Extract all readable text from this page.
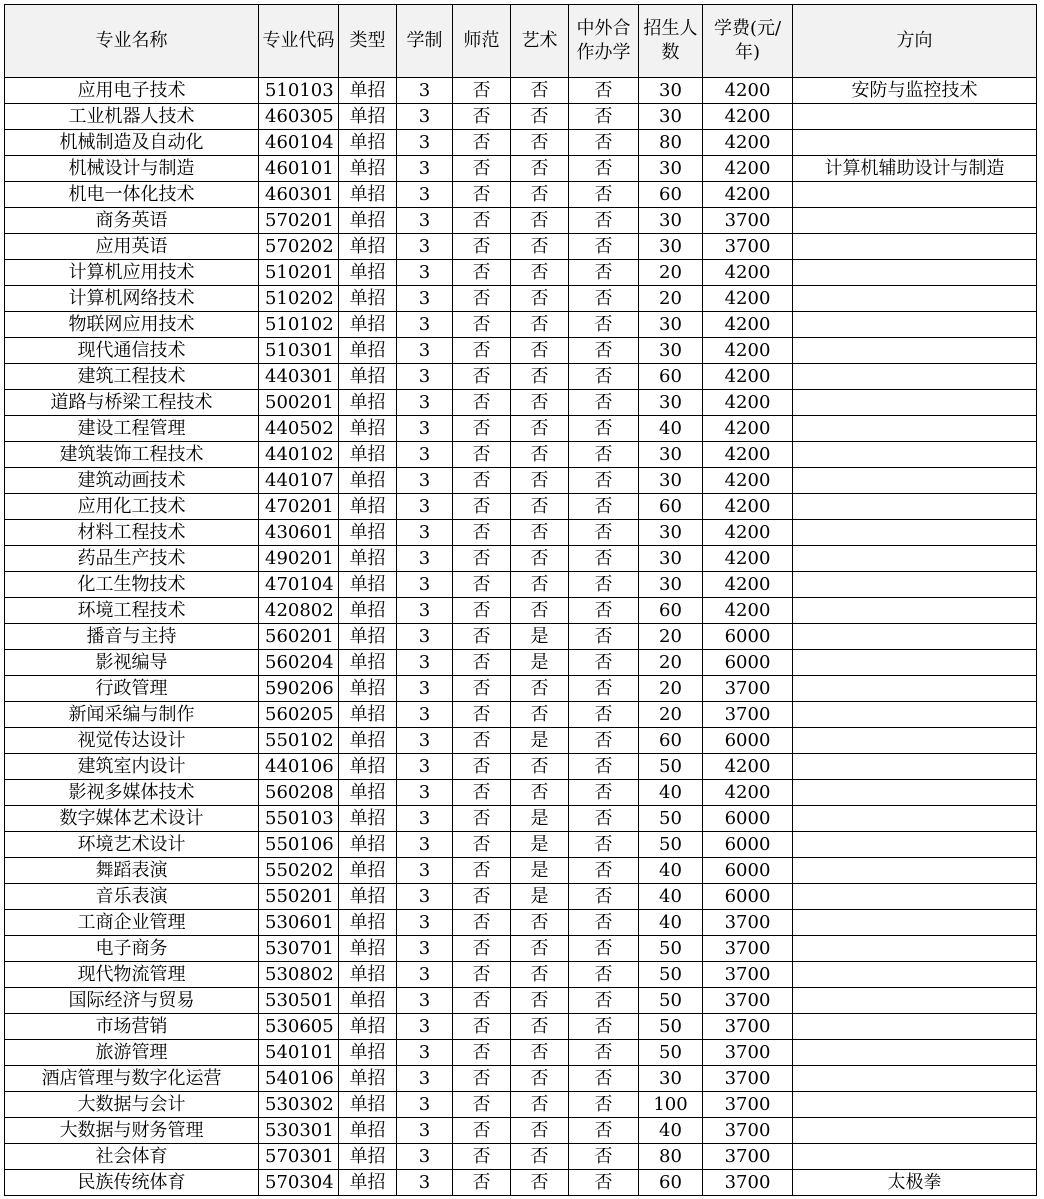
专业名称	专业代码	类型	学制	师范	艺术	中外合作办学	招生人数	学费(元/年)	方向
应用电子技术	510103	单招	3	否	否	否	30	4200	安防与监控技术
工业机器人技术	460305	单招	3	否	否	否	30	4200	
机械制造及自动化	460104	单招	3	否	否	否	80	4200	
机械设计与制造	460101	单招	3	否	否	否	30	4200	计算机辅助设计与制造
机电一体化技术	460301	单招	3	否	否	否	60	4200	
商务英语	570201	单招	3	否	否	否	30	3700	
应用英语	570202	单招	3	否	否	否	30	3700	
计算机应用技术	510201	单招	3	否	否	否	20	4200	
计算机网络技术	510202	单招	3	否	否	否	20	4200	
物联网应用技术	510102	单招	3	否	否	否	30	4200	
现代通信技术	510301	单招	3	否	否	否	30	4200	
建筑工程技术	440301	单招	3	否	否	否	60	4200	
道路与桥梁工程技术	500201	单招	3	否	否	否	30	4200	
建设工程管理	440502	单招	3	否	否	否	40	4200	
建筑装饰工程技术	440102	单招	3	否	否	否	30	4200	
建筑动画技术	440107	单招	3	否	否	否	30	4200	
应用化工技术	470201	单招	3	否	否	否	60	4200	
材料工程技术	430601	单招	3	否	否	否	30	4200	
药品生产技术	490201	单招	3	否	否	否	30	4200	
化工生物技术	470104	单招	3	否	否	否	30	4200	
环境工程技术	420802	单招	3	否	否	否	60	4200	
播音与主持	560201	单招	3	否	是	否	20	6000	
影视编导	560204	单招	3	否	是	否	20	6000	
行政管理	590206	单招	3	否	否	否	20	3700	
新闻采编与制作	560205	单招	3	否	否	否	20	3700	
视觉传达设计	550102	单招	3	否	是	否	60	6000	
建筑室内设计	440106	单招	3	否	否	否	50	4200	
影视多媒体技术	560208	单招	3	否	否	否	40	4200	
数字媒体艺术设计	550103	单招	3	否	是	否	50	6000	
环境艺术设计	550106	单招	3	否	是	否	50	6000	
舞蹈表演	550202	单招	3	否	是	否	40	6000	
音乐表演	550201	单招	3	否	是	否	40	6000	
工商企业管理	530601	单招	3	否	否	否	40	3700	
电子商务	530701	单招	3	否	否	否	50	3700	
现代物流管理	530802	单招	3	否	否	否	50	3700	
国际经济与贸易	530501	单招	3	否	否	否	50	3700	
市场营销	530605	单招	3	否	否	否	50	3700	
旅游管理	540101	单招	3	否	否	否	50	3700	
酒店管理与数字化运营	540106	单招	3	否	否	否	30	3700	
大数据与会计	530302	单招	3	否	否	否	100	3700	
大数据与财务管理	530301	单招	3	否	否	否	40	3700	
社会体育	570301	单招	3	否	否	否	80	3700	
民族传统体育	570304	单招	3	否	否	否	60	3700	太极拳
